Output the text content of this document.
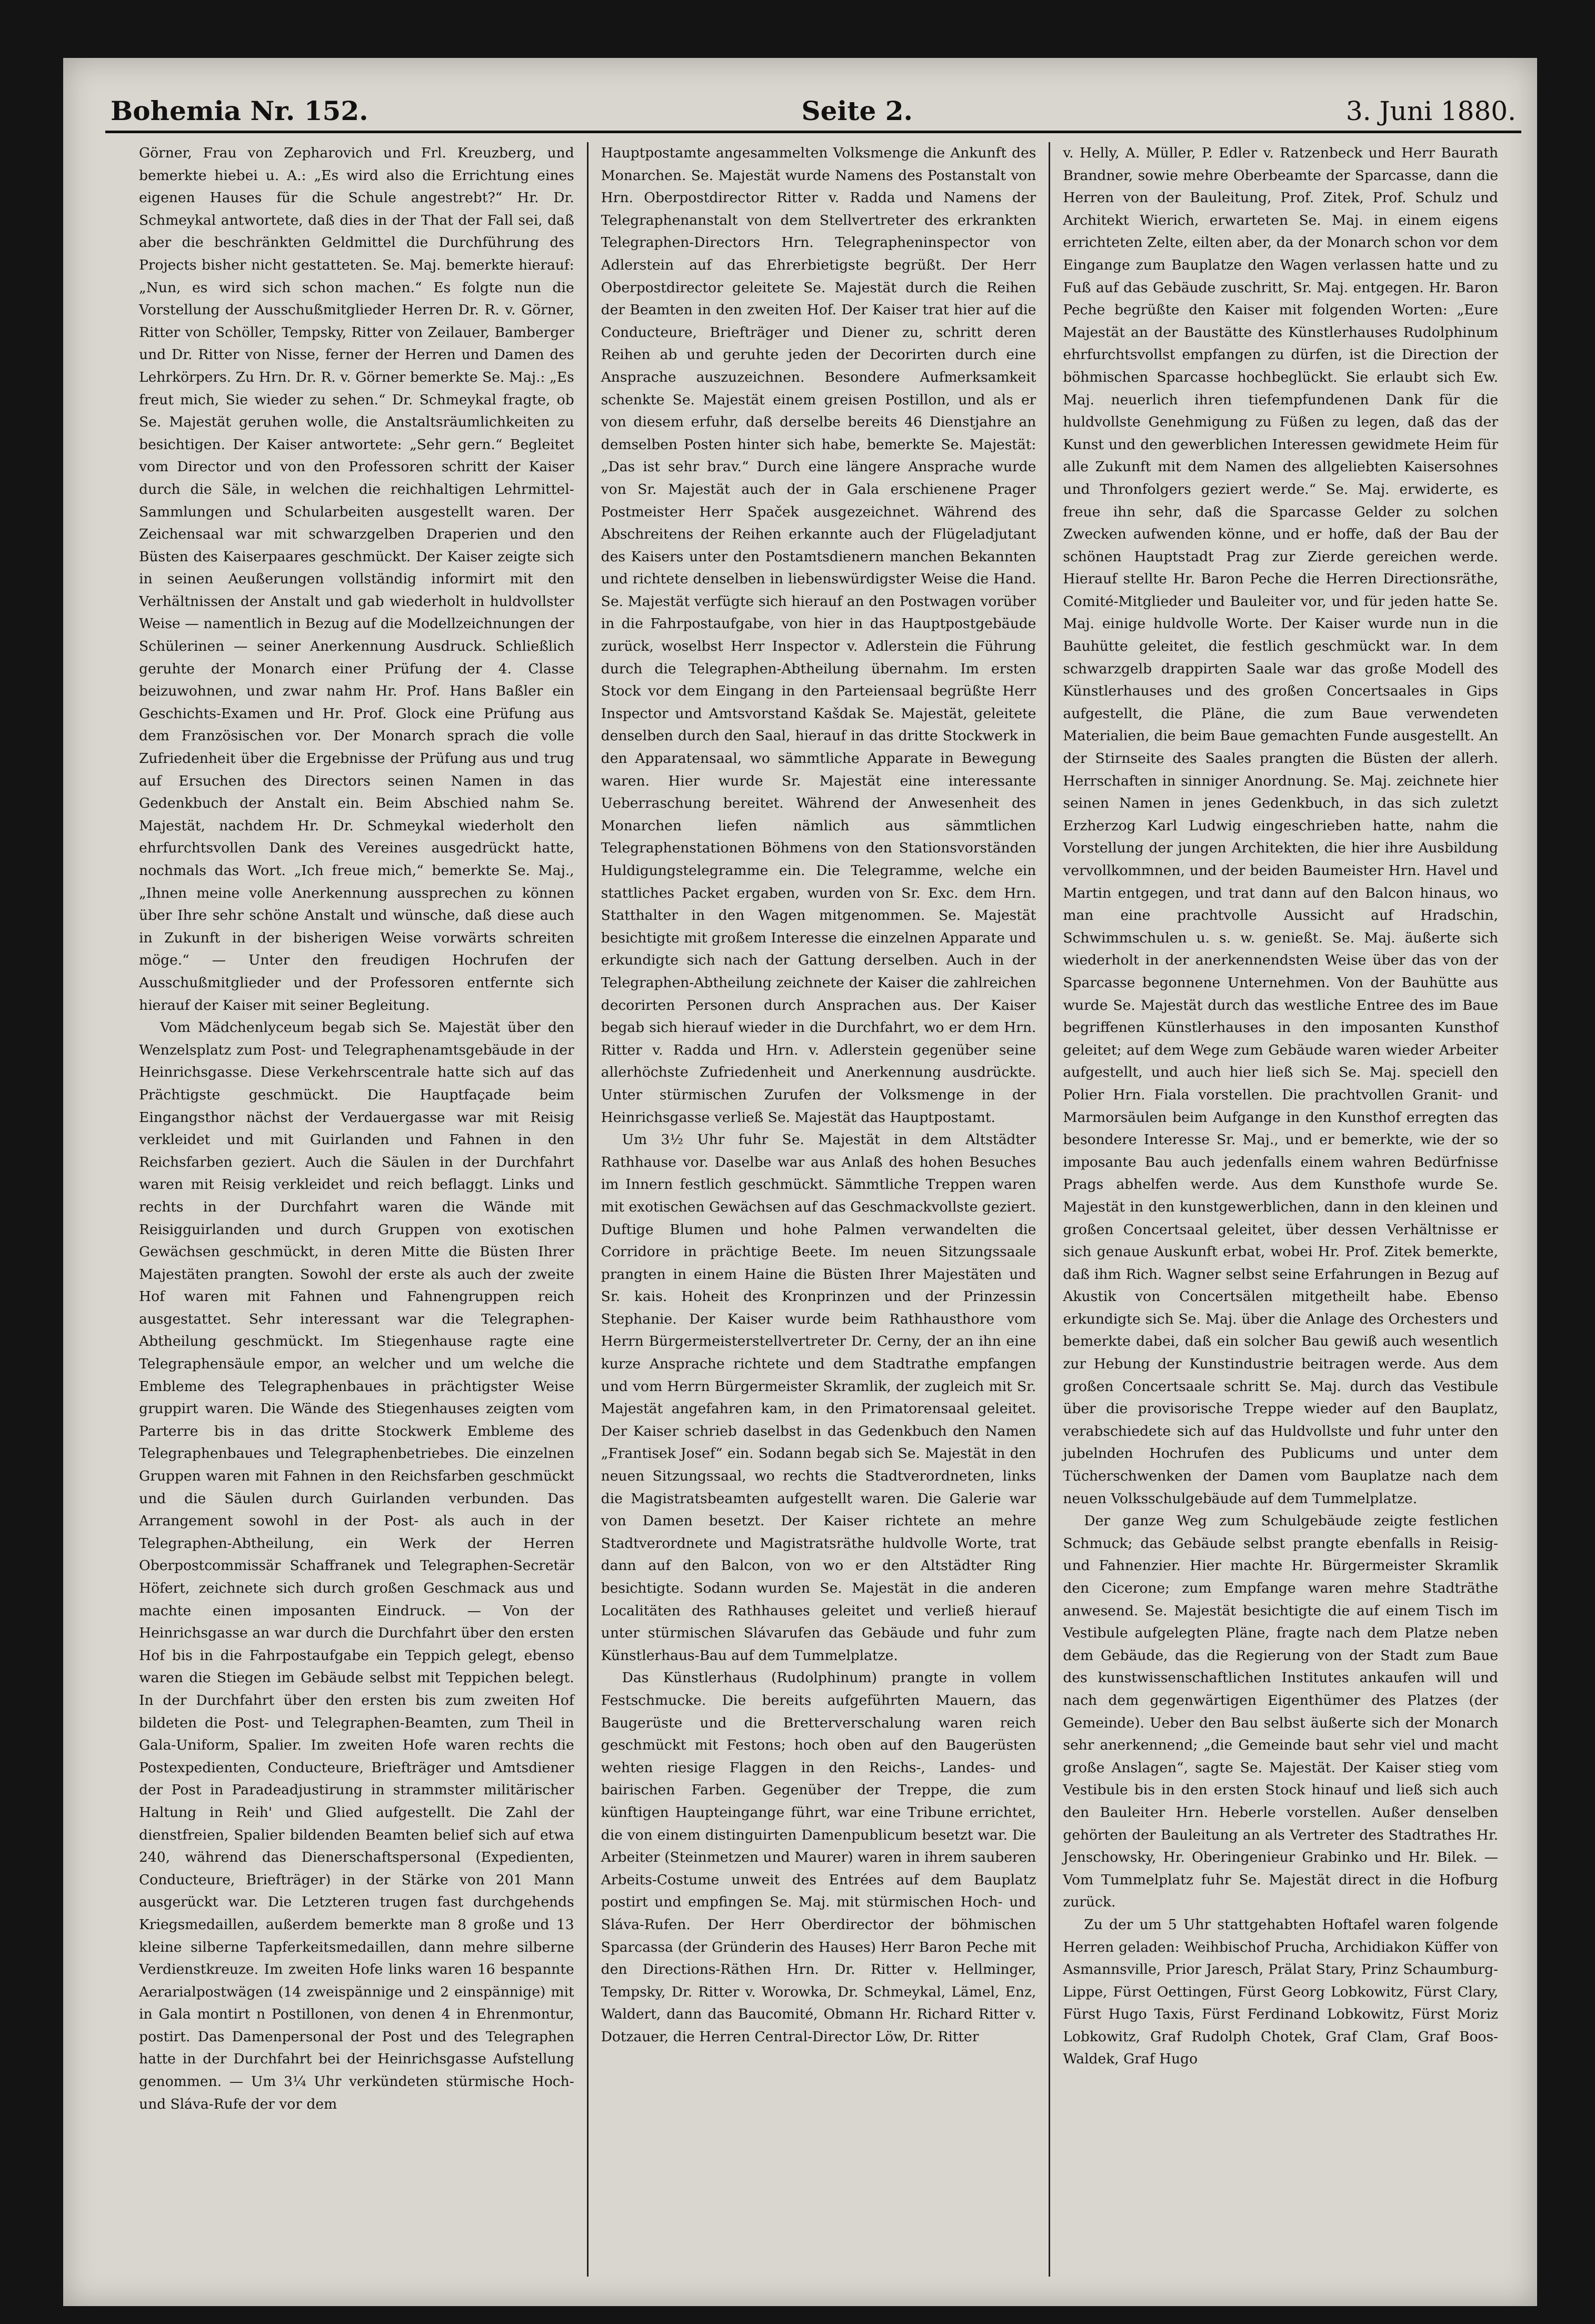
Bohemia Nr. 152.	Seite 2.	3. Juni 1880.

Görner, Frau von Zepharovich und Frl. Kreuzberg, und bemerkte hiebei u. A.: „Es wird also die Errichtung eines eigenen Hauses für die Schule angestrebt?“ Hr. Dr. Schmeykal antwortete, daß dies in der That der Fall sei, daß aber die beschränkten Geldmittel die Durchführung des Projects bisher nicht gestatteten. Se. Maj. bemerkte hierauf: „Nun, es wird sich schon machen.“ Es folgte nun die Vorstellung der Ausschußmitglieder Herren Dr. R. v. Görner, Ritter von Schöller, Tempsky, Ritter von Zeilauer, Bamberger und Dr. Ritter von Nisse, ferner der Herren und Damen des Lehrkörpers. Zu Hrn. Dr. R. v. Görner bemerkte Se. Maj.: „Es freut mich, Sie wieder zu sehen.“ Dr. Schmeykal fragte, ob Se. Majestät geruhen wolle, die Anstaltsräumlichkeiten zu besichtigen. Der Kaiser antwortete: „Sehr gern.“ Begleitet vom Director und von den Professoren schritt der Kaiser durch die Säle, in welchen die reichhaltigen Lehrmittel-Sammlungen und Schularbeiten ausgestellt waren. Der Zeichensaal war mit schwarzgelben Draperien und den Büsten des Kaiserpaares geschmückt. Der Kaiser zeigte sich in seinen Aeußerungen vollständig informirt mit den Verhältnissen der Anstalt und gab wiederholt in huldvollster Weise — namentlich in Bezug auf die Modellzeichnungen der Schülerinen — seiner Anerkennung Ausdruck. Schließlich geruhte der Monarch einer Prüfung der 4. Classe beizuwohnen, und zwar nahm Hr. Prof. Hans Baßler ein Geschichts-Examen und Hr. Prof. Glock eine Prüfung aus dem Französischen vor. Der Monarch sprach die volle Zufriedenheit über die Ergebnisse der Prüfung aus und trug auf Ersuchen des Directors seinen Namen in das Gedenkbuch der Anstalt ein. Beim Abschied nahm Se. Majestät, nachdem Hr. Dr. Schmeykal wiederholt den ehrfurchtsvollen Dank des Vereines ausgedrückt hatte, nochmals das Wort. „Ich freue mich,“ bemerkte Se. Maj., „Ihnen meine volle Anerkennung aussprechen zu können über Ihre sehr schöne Anstalt und wünsche, daß diese auch in Zukunft in der bisherigen Weise vorwärts schreiten möge.“ — Unter den freudigen Hochrufen der Ausschußmitglieder und der Professoren entfernte sich hierauf der Kaiser mit seiner Begleitung.

Vom Mädchenlyceum begab sich Se. Majestät über den Wenzelsplatz zum Post- und Telegraphenamtsgebäude in der Heinrichsgasse. Diese Verkehrscentrale hatte sich auf das Prächtigste geschmückt. Die Hauptfaçade beim Eingangsthor nächst der Verdauergasse war mit Reisig verkleidet und mit Guirlanden und Fahnen in den Reichsfarben geziert. Auch die Säulen in der Durchfahrt waren mit Reisig verkleidet und reich beflaggt. Links und rechts in der Durchfahrt waren die Wände mit Reisigguirlanden und durch Gruppen von exotischen Gewächsen geschmückt, in deren Mitte die Büsten Ihrer Majestäten prangten. Sowohl der erste als auch der zweite Hof waren mit Fahnen und Fahnengruppen reich ausgestattet. Sehr interessant war die Telegraphen-Abtheilung geschmückt. Im Stiegenhause ragte eine Telegraphensäule empor, an welcher und um welche die Embleme des Telegraphenbaues in prächtigster Weise gruppirt waren. Die Wände des Stiegenhauses zeigten vom Parterre bis in das dritte Stockwerk Embleme des Telegraphenbaues und Telegraphenbetriebes. Die einzelnen Gruppen waren mit Fahnen in den Reichsfarben geschmückt und die Säulen durch Guirlanden verbunden. Das Arrangement sowohl in der Post- als auch in der Telegraphen-Abtheilung, ein Werk der Herren Oberpostcommissär Schaffranek und Telegraphen-Secretär Höfert, zeichnete sich durch großen Geschmack aus und machte einen imposanten Eindruck. — Von der Heinrichsgasse an war durch die Durchfahrt über den ersten Hof bis in die Fahrpostaufgabe ein Teppich gelegt, ebenso waren die Stiegen im Gebäude selbst mit Teppichen belegt. In der Durchfahrt über den ersten bis zum zweiten Hof bildeten die Post- und Telegraphen-Beamten, zum Theil in Gala-Uniform, Spalier. Im zweiten Hofe waren rechts die Postexpedienten, Conducteure, Briefträger und Amtsdiener der Post in Paradeadjustirung in strammster militärischer Haltung in Reih' und Glied aufgestellt. Die Zahl der dienstfreien, Spalier bildenden Beamten belief sich auf etwa 240, während das Dienerschaftspersonal (Expedienten, Conducteure, Briefträger) in der Stärke von 201 Mann ausgerückt war. Die Letzteren trugen fast durchgehends Kriegsmedaillen, außerdem bemerkte man 8 große und 13 kleine silberne Tapferkeitsmedaillen, dann mehre silberne Verdienstkreuze. Im zweiten Hofe links waren 16 bespannte Aerarialpostwägen (14 zweispännige und 2 einspännige) mit in Gala montirt n Postillonen, von denen 4 in Ehrenmontur, postirt. Das Damenpersonal der Post und des Telegraphen hatte in der Durchfahrt bei der Heinrichsgasse Aufstellung genommen. — Um 3¼ Uhr verkündeten stürmische Hoch- und Sláva-Rufe der vor dem

Hauptpostamte angesammelten Volksmenge die Ankunft des Monarchen. Se. Majestät wurde Namens des Postanstalt von Hrn. Oberpostdirector Ritter v. Radda und Namens der Telegraphenanstalt von dem Stellvertreter des erkrankten Telegraphen-Directors Hrn. Telegrapheninspector von Adlerstein auf das Ehrerbietigste begrüßt. Der Herr Oberpostdirector geleitete Se. Majestät durch die Reihen der Beamten in den zweiten Hof. Der Kaiser trat hier auf die Conducteure, Briefträger und Diener zu, schritt deren Reihen ab und geruhte jeden der Decorirten durch eine Ansprache auszuzeichnen. Besondere Aufmerksamkeit schenkte Se. Majestät einem greisen Postillon, und als er von diesem erfuhr, daß derselbe bereits 46 Dienstjahre an demselben Posten hinter sich habe, bemerkte Se. Majestät: „Das ist sehr brav.“ Durch eine längere Ansprache wurde von Sr. Majestät auch der in Gala erschienene Prager Postmeister Herr Spaček ausgezeichnet. Während des Abschreitens der Reihen erkannte auch der Flügeladjutant des Kaisers unter den Postamtsdienern manchen Bekannten und richtete denselben in liebenswürdigster Weise die Hand. Se. Majestät verfügte sich hierauf an den Postwagen vorüber in die Fahrpostaufgabe, von hier in das Hauptpostgebäude zurück, woselbst Herr Inspector v. Adlerstein die Führung durch die Telegraphen-Abtheilung übernahm. Im ersten Stock vor dem Eingang in den Parteiensaal begrüßte Herr Inspector und Amtsvorstand Kašdak Se. Majestät, geleitete denselben durch den Saal, hierauf in das dritte Stockwerk in den Apparatensaal, wo sämmtliche Apparate in Bewegung waren. Hier wurde Sr. Majestät eine interessante Ueberraschung bereitet. Während der Anwesenheit des Monarchen liefen nämlich aus sämmtlichen Telegraphenstationen Böhmens von den Stationsvorständen Huldigungstelegramme ein. Die Telegramme, welche ein stattliches Packet ergaben, wurden von Sr. Exc. dem Hrn. Statthalter in den Wagen mitgenommen. Se. Majestät besichtigte mit großem Interesse die einzelnen Apparate und erkundigte sich nach der Gattung derselben. Auch in der Telegraphen-Abtheilung zeichnete der Kaiser die zahlreichen decorirten Personen durch Ansprachen aus. Der Kaiser begab sich hierauf wieder in die Durchfahrt, wo er dem Hrn. Ritter v. Radda und Hrn. v. Adlerstein gegenüber seine allerhöchste Zufriedenheit und Anerkennung ausdrückte. Unter stürmischen Zurufen der Volksmenge in der Heinrichsgasse verließ Se. Majestät das Hauptpostamt.

Um 3½ Uhr fuhr Se. Majestät in dem Altstädter Rathhause vor. Daselbe war aus Anlaß des hohen Besuches im Innern festlich geschmückt. Sämmtliche Treppen waren mit exotischen Gewächsen auf das Geschmackvollste geziert. Duftige Blumen und hohe Palmen verwandelten die Corridore in prächtige Beete. Im neuen Sitzungssaale prangten in einem Haine die Büsten Ihrer Majestäten und Sr. kais. Hoheit des Kronprinzen und der Prinzessin Stephanie. Der Kaiser wurde beim Rathhausthore vom Herrn Bürgermeisterstellvertreter Dr. Cerny, der an ihn eine kurze Ansprache richtete und dem Stadtrathe empfangen und vom Herrn Bürgermeister Skramlik, der zugleich mit Sr. Majestät angefahren kam, in den Primatorensaal geleitet. Der Kaiser schrieb daselbst in das Gedenkbuch den Namen „Frantisek Josef“ ein. Sodann begab sich Se. Majestät in den neuen Sitzungssaal, wo rechts die Stadtverordneten, links die Magistratsbeamten aufgestellt waren. Die Galerie war von Damen besetzt. Der Kaiser richtete an mehre Stadtverordnete und Magistratsräthe huldvolle Worte, trat dann auf den Balcon, von wo er den Altstädter Ring besichtigte. Sodann wurden Se. Majestät in die anderen Localitäten des Rathhauses geleitet und verließ hierauf unter stürmischen Slávarufen das Gebäude und fuhr zum Künstlerhaus-Bau auf dem Tummelplatze.

Das Künstlerhaus (Rudolphinum) prangte in vollem Festschmucke. Die bereits aufgeführten Mauern, das Baugerüste und die Bretterverschalung waren reich geschmückt mit Festons; hoch oben auf den Baugerüsten wehten riesige Flaggen in den Reichs-, Landes- und bairischen Farben. Gegenüber der Treppe, die zum künftigen Haupteingange führt, war eine Tribune errichtet, die von einem distinguirten Damenpublicum besetzt war. Die Arbeiter (Steinmetzen und Maurer) waren in ihrem sauberen Arbeits-Costume unweit des Entrées auf dem Bauplatz postirt und empfingen Se. Maj. mit stürmischen Hoch- und Sláva-Rufen. Der Herr Oberdirector der böhmischen Sparcassa (der Gründerin des Hauses) Herr Baron Peche mit den Directions-Räthen Hrn. Dr. Ritter v. Hellminger, Tempsky, Dr. Ritter v. Worowka, Dr. Schmeykal, Lämel, Enz, Waldert, dann das Baucomité, Obmann Hr. Richard Ritter v. Dotzauer, die Herren Central-Director Löw, Dr. Ritter

v. Helly, A. Müller, P. Edler v. Ratzenbeck und Herr Baurath Brandner, sowie mehre Oberbeamte der Sparcasse, dann die Herren von der Bauleitung, Prof. Zitek, Prof. Schulz und Architekt Wierich, erwarteten Se. Maj. in einem eigens errichteten Zelte, eilten aber, da der Monarch schon vor dem Eingange zum Bauplatze den Wagen verlassen hatte und zu Fuß auf das Gebäude zuschritt, Sr. Maj. entgegen. Hr. Baron Peche begrüßte den Kaiser mit folgenden Worten: „Eure Majestät an der Baustätte des Künstlerhauses Rudolphinum ehrfurchtsvollst empfangen zu dürfen, ist die Direction der böhmischen Sparcasse hochbeglückt. Sie erlaubt sich Ew. Maj. neuerlich ihren tiefempfundenen Dank für die huldvollste Genehmigung zu Füßen zu legen, daß das der Kunst und den gewerblichen Interessen gewidmete Heim für alle Zukunft mit dem Namen des allgeliebten Kaisersohnes und Thronfolgers geziert werde.“ Se. Maj. erwiderte, es freue ihn sehr, daß die Sparcasse Gelder zu solchen Zwecken aufwenden könne, und er hoffe, daß der Bau der schönen Hauptstadt Prag zur Zierde gereichen werde. Hierauf stellte Hr. Baron Peche die Herren Directionsräthe, Comité-Mitglieder und Bauleiter vor, und für jeden hatte Se. Maj. einige huldvolle Worte. Der Kaiser wurde nun in die Bauhütte geleitet, die festlich geschmückt war. In dem schwarzgelb drappirten Saale war das große Modell des Künstlerhauses und des großen Concertsaales in Gips aufgestellt, die Pläne, die zum Baue verwendeten Materialien, die beim Baue gemachten Funde ausgestellt. An der Stirnseite des Saales prangten die Büsten der allerh. Herrschaften in sinniger Anordnung. Se. Maj. zeichnete hier seinen Namen in jenes Gedenkbuch, in das sich zuletzt Erzherzog Karl Ludwig eingeschrieben hatte, nahm die Vorstellung der jungen Architekten, die hier ihre Ausbildung vervollkommnen, und der beiden Baumeister Hrn. Havel und Martin entgegen, und trat dann auf den Balcon hinaus, wo man eine prachtvolle Aussicht auf Hradschin, Schwimmschulen u. s. w. genießt. Se. Maj. äußerte sich wiederholt in der anerkennendsten Weise über das von der Sparcasse begonnene Unternehmen. Von der Bauhütte aus wurde Se. Majestät durch das westliche Entree des im Baue begriffenen Künstlerhauses in den imposanten Kunsthof geleitet; auf dem Wege zum Gebäude waren wieder Arbeiter aufgestellt, und auch hier ließ sich Se. Maj. speciell den Polier Hrn. Fiala vorstellen. Die prachtvollen Granit- und Marmorsäulen beim Aufgange in den Kunsthof erregten das besondere Interesse Sr. Maj., und er bemerkte, wie der so imposante Bau auch jedenfalls einem wahren Bedürfnisse Prags abhelfen werde. Aus dem Kunsthofe wurde Se. Majestät in den kunstgewerblichen, dann in den kleinen und großen Concertsaal geleitet, über dessen Verhältnisse er sich genaue Auskunft erbat, wobei Hr. Prof. Zitek bemerkte, daß ihm Rich. Wagner selbst seine Erfahrungen in Bezug auf Akustik von Concertsälen mitgetheilt habe. Ebenso erkundigte sich Se. Maj. über die Anlage des Orchesters und bemerkte dabei, daß ein solcher Bau gewiß auch wesentlich zur Hebung der Kunstindustrie beitragen werde. Aus dem großen Concertsaale schritt Se. Maj. durch das Vestibule über die provisorische Treppe wieder auf den Bauplatz, verabschiedete sich auf das Huldvollste und fuhr unter den jubelnden Hochrufen des Publicums und unter dem Tücherschwenken der Damen vom Bauplatze nach dem neuen Volksschulgebäude auf dem Tummelplatze.

Der ganze Weg zum Schulgebäude zeigte festlichen Schmuck; das Gebäude selbst prangte ebenfalls in Reisig- und Fahnenzier. Hier machte Hr. Bürgermeister Skramlik den Cicerone; zum Empfange waren mehre Stadträthe anwesend. Se. Majestät besichtigte die auf einem Tisch im Vestibule aufgelegten Pläne, fragte nach dem Platze neben dem Gebäude, das die Regierung von der Stadt zum Baue des kunstwissenschaftlichen Institutes ankaufen will und nach dem gegenwärtigen Eigenthümer des Platzes (der Gemeinde). Ueber den Bau selbst äußerte sich der Monarch sehr anerkennend; „die Gemeinde baut sehr viel und macht große Anslagen“, sagte Se. Majestät. Der Kaiser stieg vom Vestibule bis in den ersten Stock hinauf und ließ sich auch den Bauleiter Hrn. Heberle vorstellen. Außer denselben gehörten der Bauleitung an als Vertreter des Stadtrathes Hr. Jenschowsky, Hr. Oberingenieur Grabinko und Hr. Bilek. — Vom Tummelplatz fuhr Se. Majestät direct in die Hofburg zurück.

Zu der um 5 Uhr stattgehabten Hoftafel waren folgende Herren geladen: Weihbischof Prucha, Archidiakon Küffer von Asmannsville, Prior Jaresch, Prälat Stary, Prinz Schaumburg-Lippe, Fürst Oettingen, Fürst Georg Lobkowitz, Fürst Clary, Fürst Hugo Taxis, Fürst Ferdinand Lobkowitz, Fürst Moriz Lobkowitz, Graf Rudolph Chotek, Graf Clam, Graf Boos-Waldek, Graf Hugo
